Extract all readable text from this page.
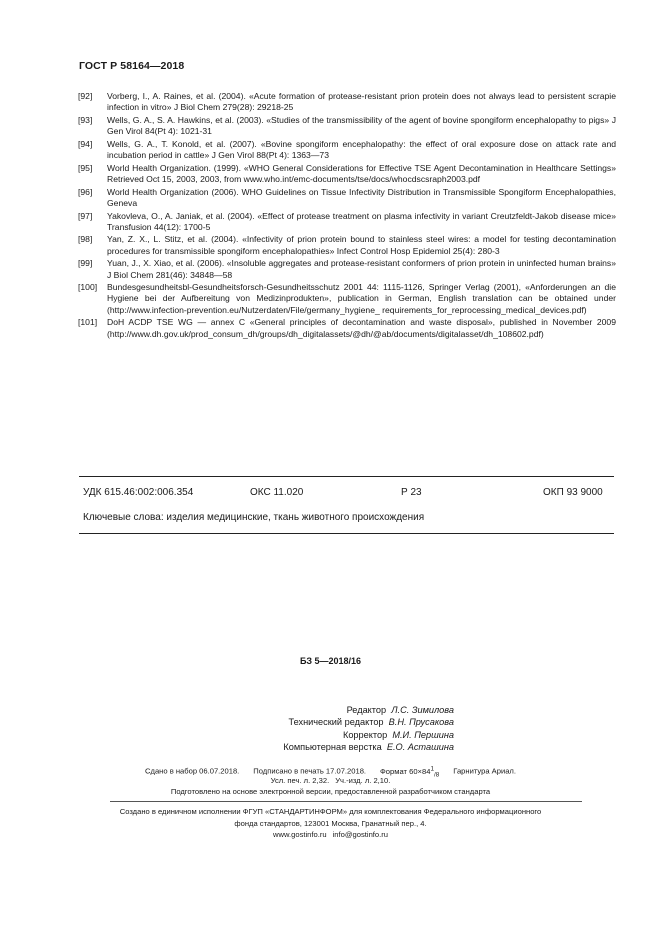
ГОСТ Р 58164—2018
[92]	Vorberg, I., A. Raines, et al. (2004). «Acute formation of protease-resistant prion protein does not always lead to persistent scrapie infection in vitro» J Biol Chem 279(28): 29218-25
[93]	Wells, G. A., S. A. Hawkins, et al. (2003). «Studies of the transmissibility of the agent of bovine spongiform encephalopathy to pigs» J Gen Virol 84(Pt 4): 1021-31
[94]	Wells, G. A., T. Konold, et al. (2007). «Bovine spongiform encephalopathy: the effect of oral exposure dose on attack rate and incubation period in cattle» J Gen Virol 88(Pt 4): 1363—73
[95]	World Health Organization. (1999). «WHO General Considerations for Effective TSE Agent Decontamination in Healthcare Settings» Retrieved Oct 15, 2003, 2003, from www.who.int/emc-documents/tse/docs/whocdscsraph2003.pdf
[96]	World Health Organization (2006). WHO Guidelines on Tissue Infectivity Distribution in Transmissible Spongiform Encephalopathies, Geneva
[97]	Yakovleva, O., A. Janiak, et al. (2004). «Effect of protease treatment on plasma infectivity in variant Creutzfeldt-Jakob disease mice» Transfusion 44(12): 1700-5
[98]	Yan, Z. X., L. Stitz, et al. (2004). «Infectivity of prion protein bound to stainless steel wires: a model for testing decontamination procedures for transmissible spongiform encephalopathies» Infect Control Hosp Epidemiol 25(4): 280-3
[99]	Yuan, J., X. Xiao, et al. (2006). «Insoluble aggregates and protease-resistant conformers of prion protein in uninfected human brains» J Biol Chem 281(46): 34848—58
[100]	Bundesgesundheitsbl-Gesundheitsforsch-Gesundheitsschutz 2001 44: 1115-1126, Springer Verlag (2001), «Anforderungen an die Hygiene bei der Aufbereitung von Medizinprodukten», publication in German, English translation can be obtained under (http://www.infection-prevention.eu/Nutzerdaten/File/germany_hygiene_ requirements_for_reprocessing_medical_devices.pdf)
[101]	DoH ACDP TSE WG — annex C «General principles of decontamination and waste disposal», published in November 2009 (http://www.dh.gov.uk/prod_consum_dh/groups/dh_digitalassets/@dh/@ab/documents/digitalasset/dh_108602.pdf)
УДК 615.46:002:006.354	ОКС 11.020	Р 23	ОКП 93 9000
Ключевые слова: изделия медицинские, ткань животного происхождения
БЗ 5—2018/16
Редактор Л.С. Зимилова
Технический редактор В.Н. Прусакова
Корректор М.И. Першина
Компьютерная верстка Е.О. Асташина
Сдано в набор 06.07.2018. Подписано в печать 17.07.2018. Формат $60\times 84^1_{/8}$ Гарнитура Ариал.
Усл. печ. л. 2,32. Уч.-изд. л. 2,10.
Подготовлено на основе электронной версии, предоставленной разработчиком стандарта
Создано в единичном исполнении ФГУП «СТАНДАРТИНФОРМ» для комплектования Федерального информационного
фонда стандартов, 123001 Москва, Гранатный пер., 4.
www.gostinfo.ru info@gostinfo.ru
